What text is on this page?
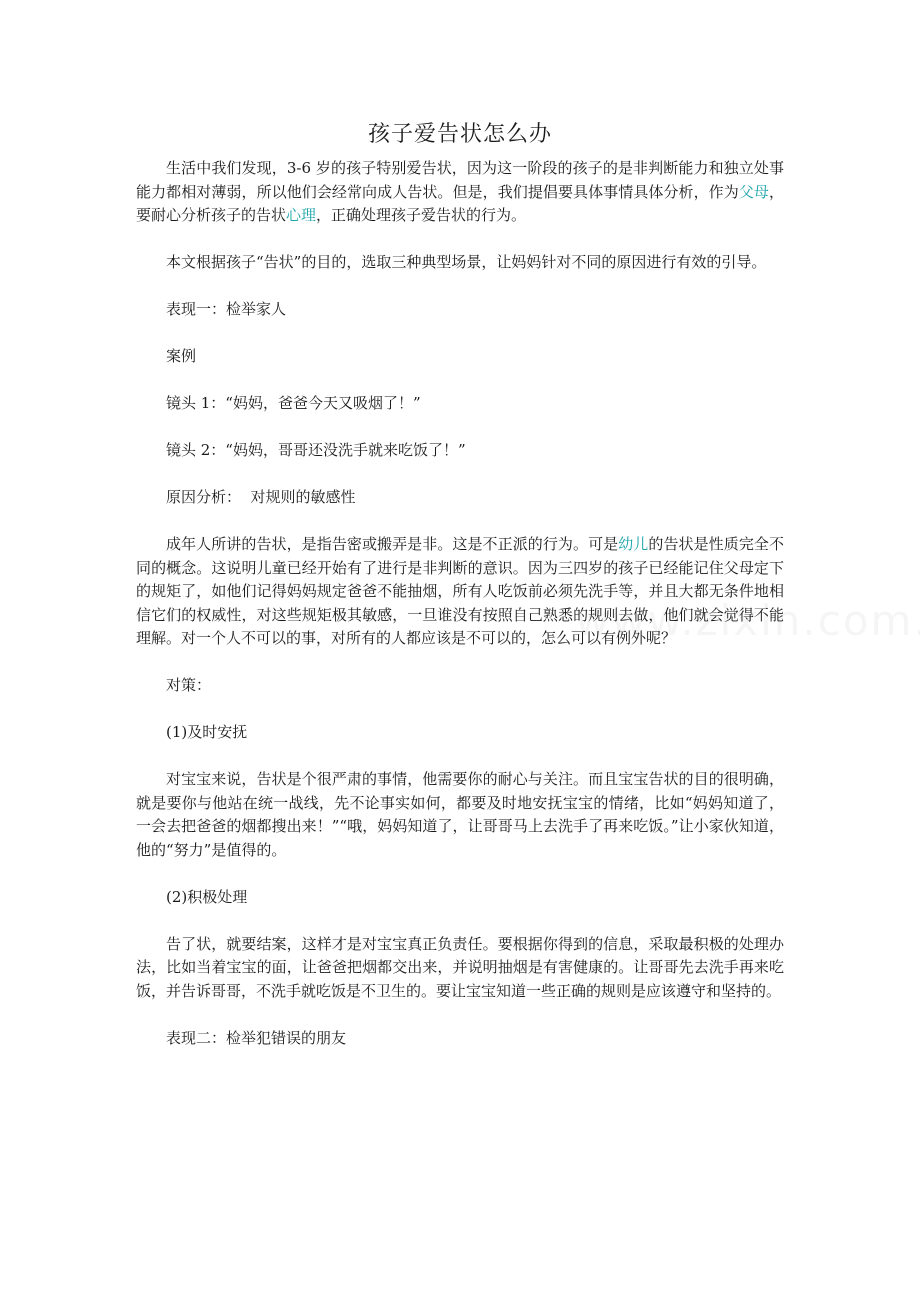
孩子爱告状怎么办

生活中我们发现，3-6 岁的孩子特别爱告状，因为这一阶段的孩子的是非判断能力和独立处事能力都相对薄弱，所以他们会经常向成人告状。但是，我们提倡要具体事情具体分析，作为父母，要耐心分析孩子的告状心理，正确处理孩子爱告状的行为。

本文根据孩子“告状”的目的，选取三种典型场景，让妈妈针对不同的原因进行有效的引导。

表现一：检举家人

案例

镜头 1：“妈妈，爸爸今天又吸烟了！”

镜头 2：“妈妈，哥哥还没洗手就来吃饭了！”

原因分析：  对规则的敏感性

成年人所讲的告状，是指告密或搬弄是非。这是不正派的行为。可是幼儿的告状是性质完全不同的概念。这说明儿童已经开始有了进行是非判断的意识。因为三四岁的孩子已经能记住父母定下的规矩了，如他们记得妈妈规定爸爸不能抽烟，所有人吃饭前必须先洗手等，并且大都无条件地相信它们的权威性，对这些规矩极其敏感，一旦谁没有按照自己熟悉的规则去做，他们就会觉得不能理解。对一个人不可以的事，对所有的人都应该是不可以的，怎么可以有例外呢？

对策：

(1)及时安抚

对宝宝来说，告状是个很严肃的事情，他需要你的耐心与关注。而且宝宝告状的目的很明确，就是要你与他站在统一战线，先不论事实如何，都要及时地安抚宝宝的情绪，比如“妈妈知道了，一会去把爸爸的烟都搜出来！”“哦，妈妈知道了，让哥哥马上去洗手了再来吃饭。”让小家伙知道，他的“努力”是值得的。

(2)积极处理

告了状，就要结案，这样才是对宝宝真正负责任。要根据你得到的信息，采取最积极的处理办法，比如当着宝宝的面，让爸爸把烟都交出来，并说明抽烟是有害健康的。让哥哥先去洗手再来吃饭，并告诉哥哥，不洗手就吃饭是不卫生的。要让宝宝知道一些正确的规则是应该遵守和坚持的。

表现二：检举犯错误的朋友
